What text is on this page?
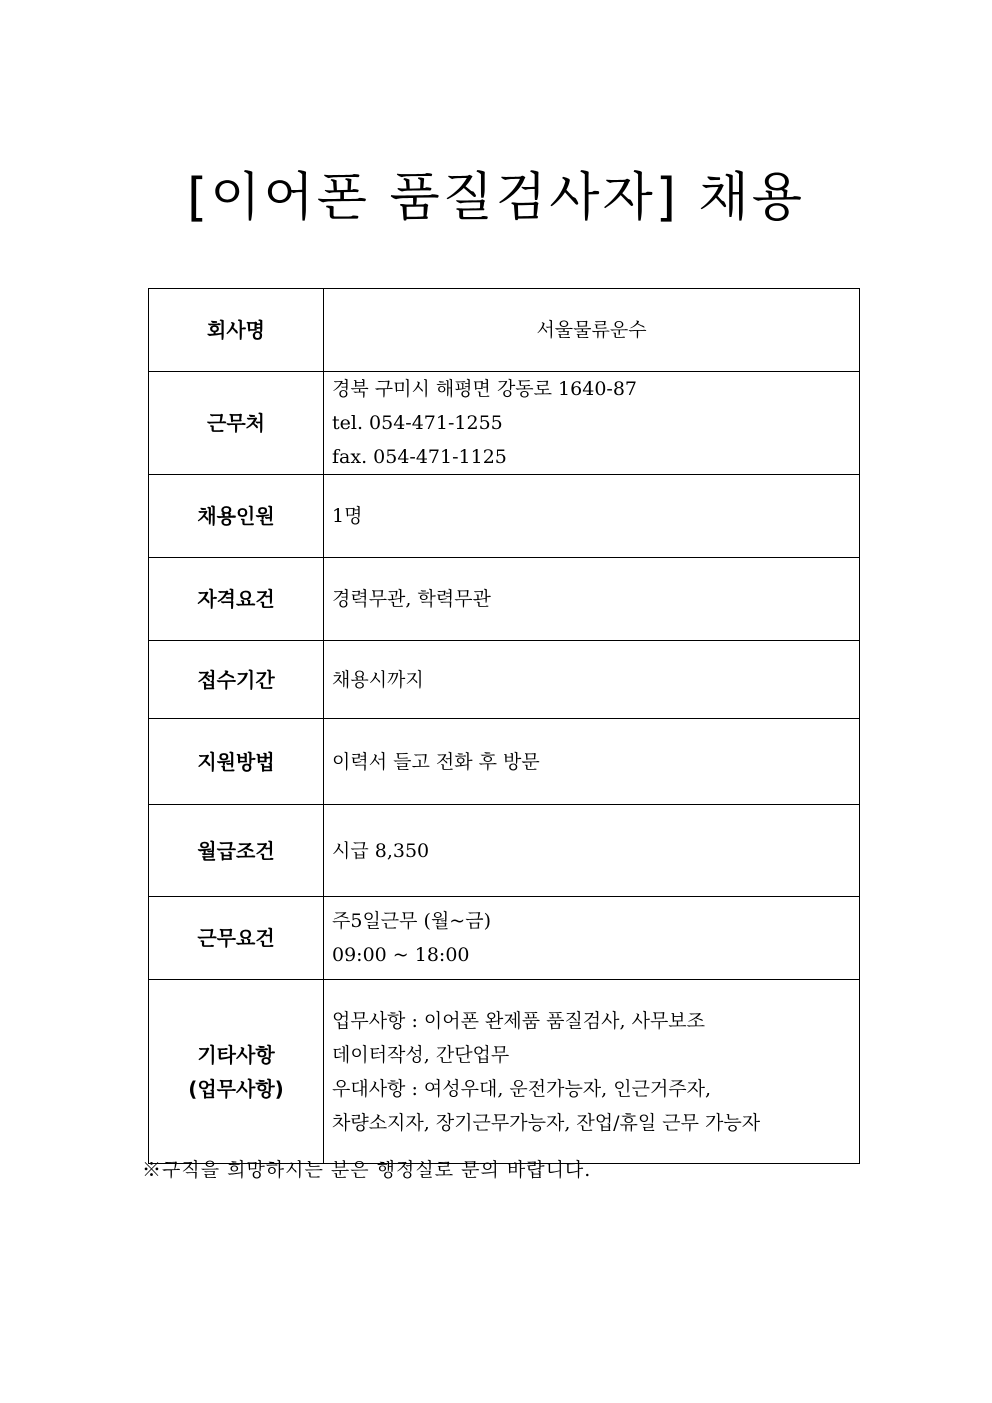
[이어폰 품질검사자] 채용
회사명	서울물류운수

근무처	경북 구미시 해평면 강동로 1640-87
tel. 054-471-1255
fax. 054-471-1125

채용인원	1명

자격요건	경력무관, 학력무관

접수기간	채용시까지

지원방법	이력서 들고 전화 후 방문

월급조건	시급 8,350

근무요건	주5일근무 (월~금)
09:00 ~ 18:00

기타사항
(업무사항)	업무사항 : 이어폰 완제품 품질검사, 사무보조
데이터작성, 간단업무
우대사항 : 여성우대, 운전가능자, 인근거주자,
차량소지자, 장기근무가능자, 잔업/휴일 근무 가능자
※구직을 희망하시는 분은 행정실로 문의 바랍니다.
